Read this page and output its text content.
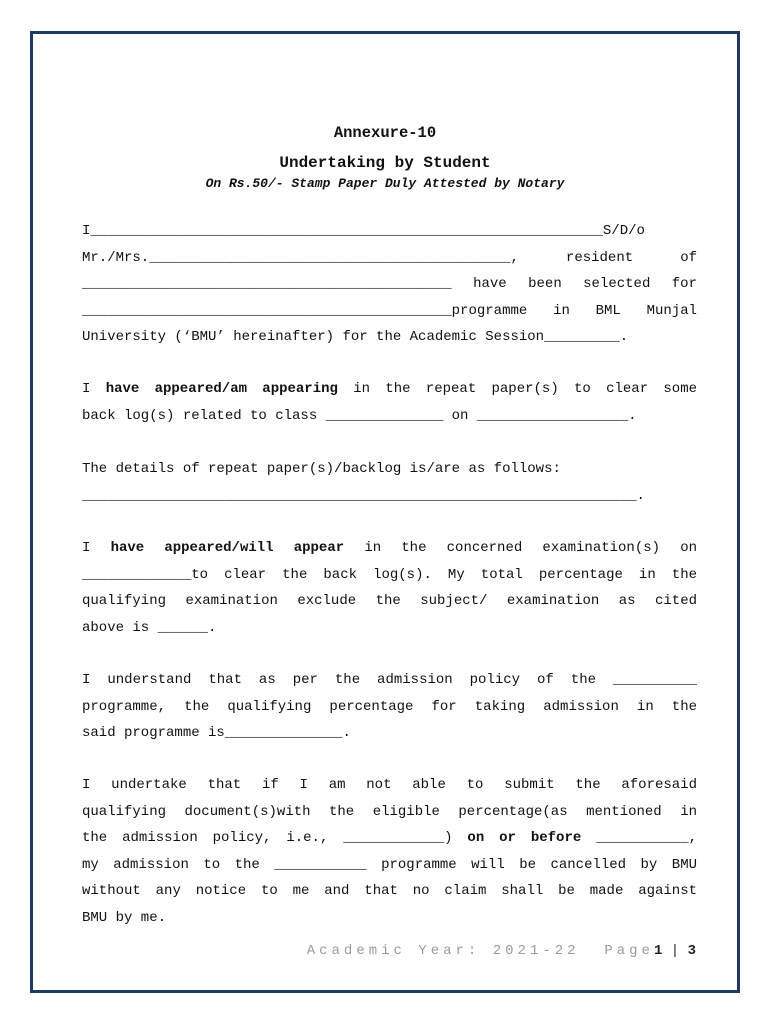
Annexure-10
Undertaking by Student
On Rs.50/- Stamp Paper Duly Attested by Notary
I_____________________________________________________________S/D/o
Mr./Mrs.___________________________________________,	resident	of
____________________________________________ have been selected for
____________________________________________programme in BML Munjal
University (‘BMU’ hereinafter) for the Academic Session_________.
I have appeared/am appearing in the repeat paper(s) to clear some
back log(s) related to class ______________ on __________________.
The details of repeat paper(s)/backlog is/are as follows:
__________________________________________________________________.
I have appeared/will appear in the concerned examination(s) on
_____________to clear the back log(s). My total percentage in the
qualifying examination exclude the subject/ examination as cited
above is ______.
I understand that as per the admission policy of the __________
programme, the qualifying percentage for taking admission in the
said programme is______________.
I undertake that if I am not able to submit the aforesaid
qualifying document(s)with the eligible percentage(as mentioned in
the admission policy, i.e., ____________) on or before ___________,
my admission to the ___________ programme will be cancelled by BMU
without any notice to me and that no claim shall be made against
BMU by me.
Academic Year: 2021-22  Page1 | 3
